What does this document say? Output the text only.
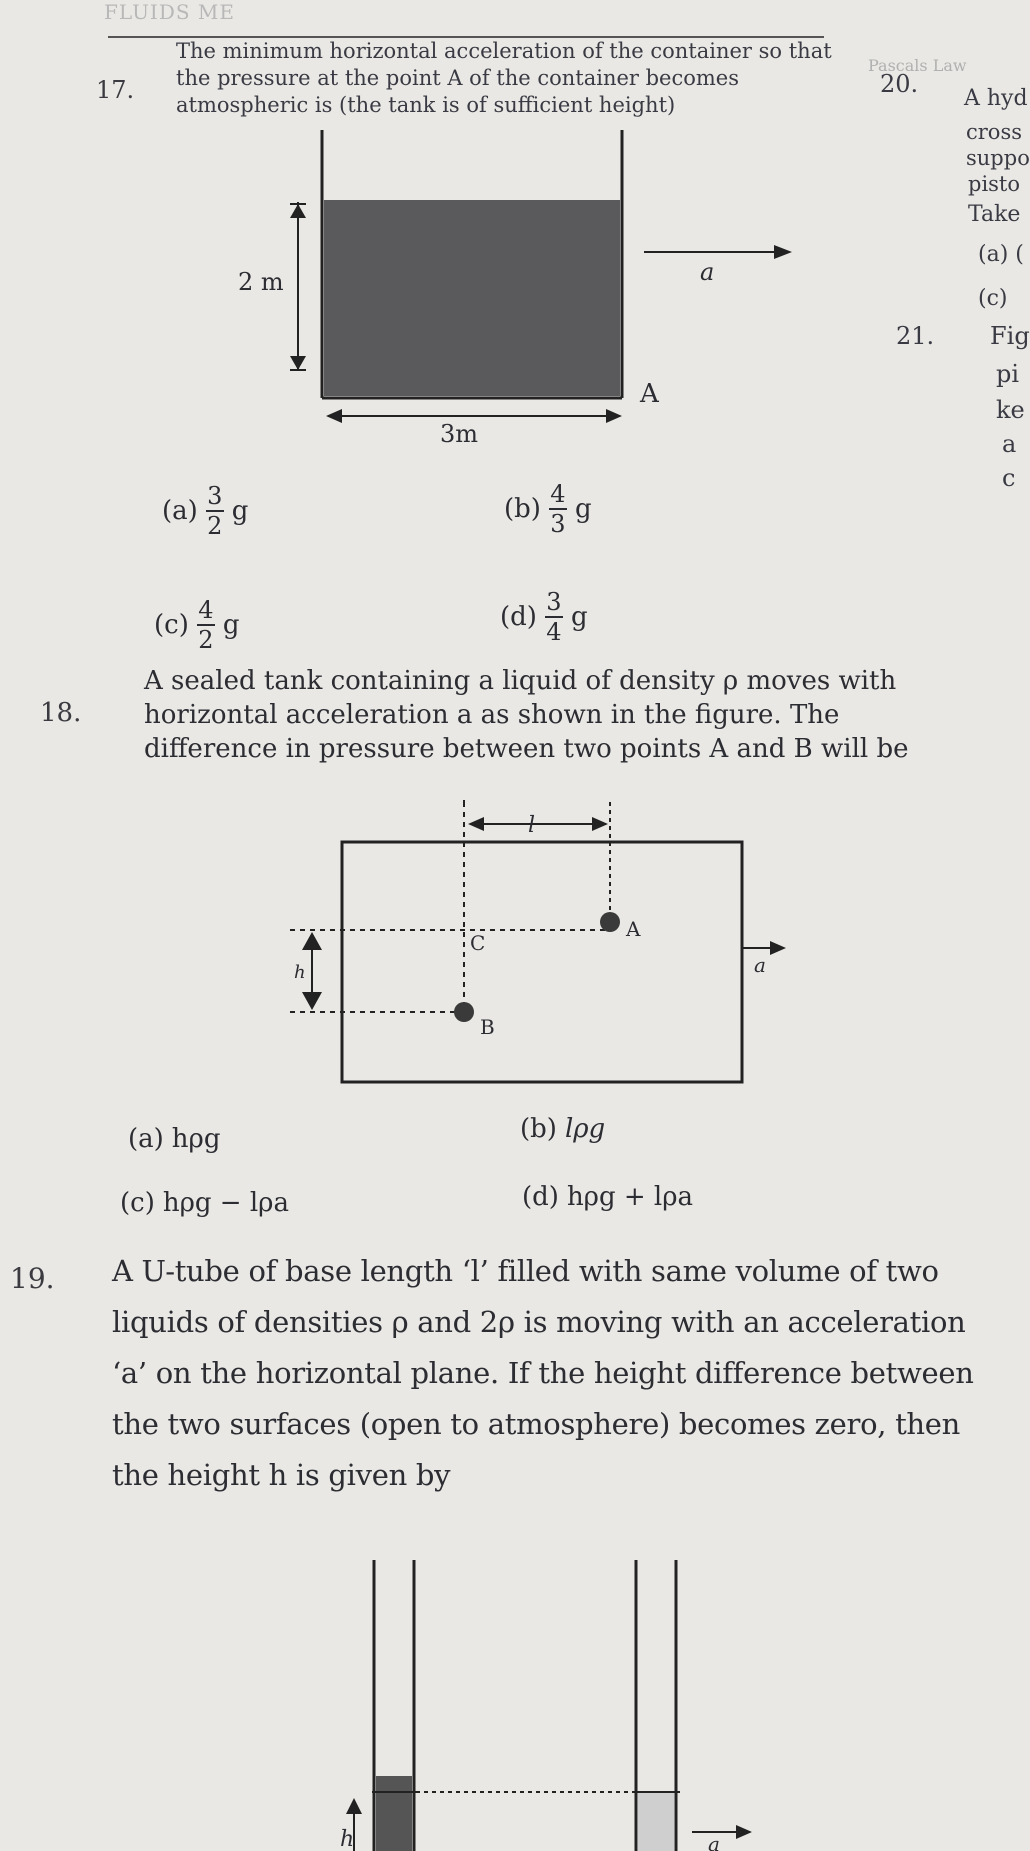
FLUIDS ME
Pascals Law
20.
A hyd
cross
suppo
pisto
Take
(a) (
(c)
21. Fig
pi
ke
a
c
17.
The minimum horizontal acceleration of the container so that the pressure at the point A of the container becomes atmospheric is (the tank is of sufficient height)
2 m
3m
A
a
$(a) \frac{3}{2}$ g	$(b) \frac{4}{3}$ g
$(c) \frac{4}{2}$ g	$(d) \frac{3}{4}$ g
18.
A sealed tank containing a liquid of density ρ moves with horizontal acceleration a as shown in the figure. The difference in pressure between two points A and B will be
l
h
A
B
C
a
(a) hρg	(b) lρg
(c) hρg − lρa	(d) hρg + lρa
19. A U-tube of base length ‘l’ filled with same volume of two liquids of densities ρ and 2ρ is moving with an acceleration ‘a’ on the horizontal plane. If the height difference between the two surfaces (open to atmosphere) becomes zero, then the height h is given by
h	a
